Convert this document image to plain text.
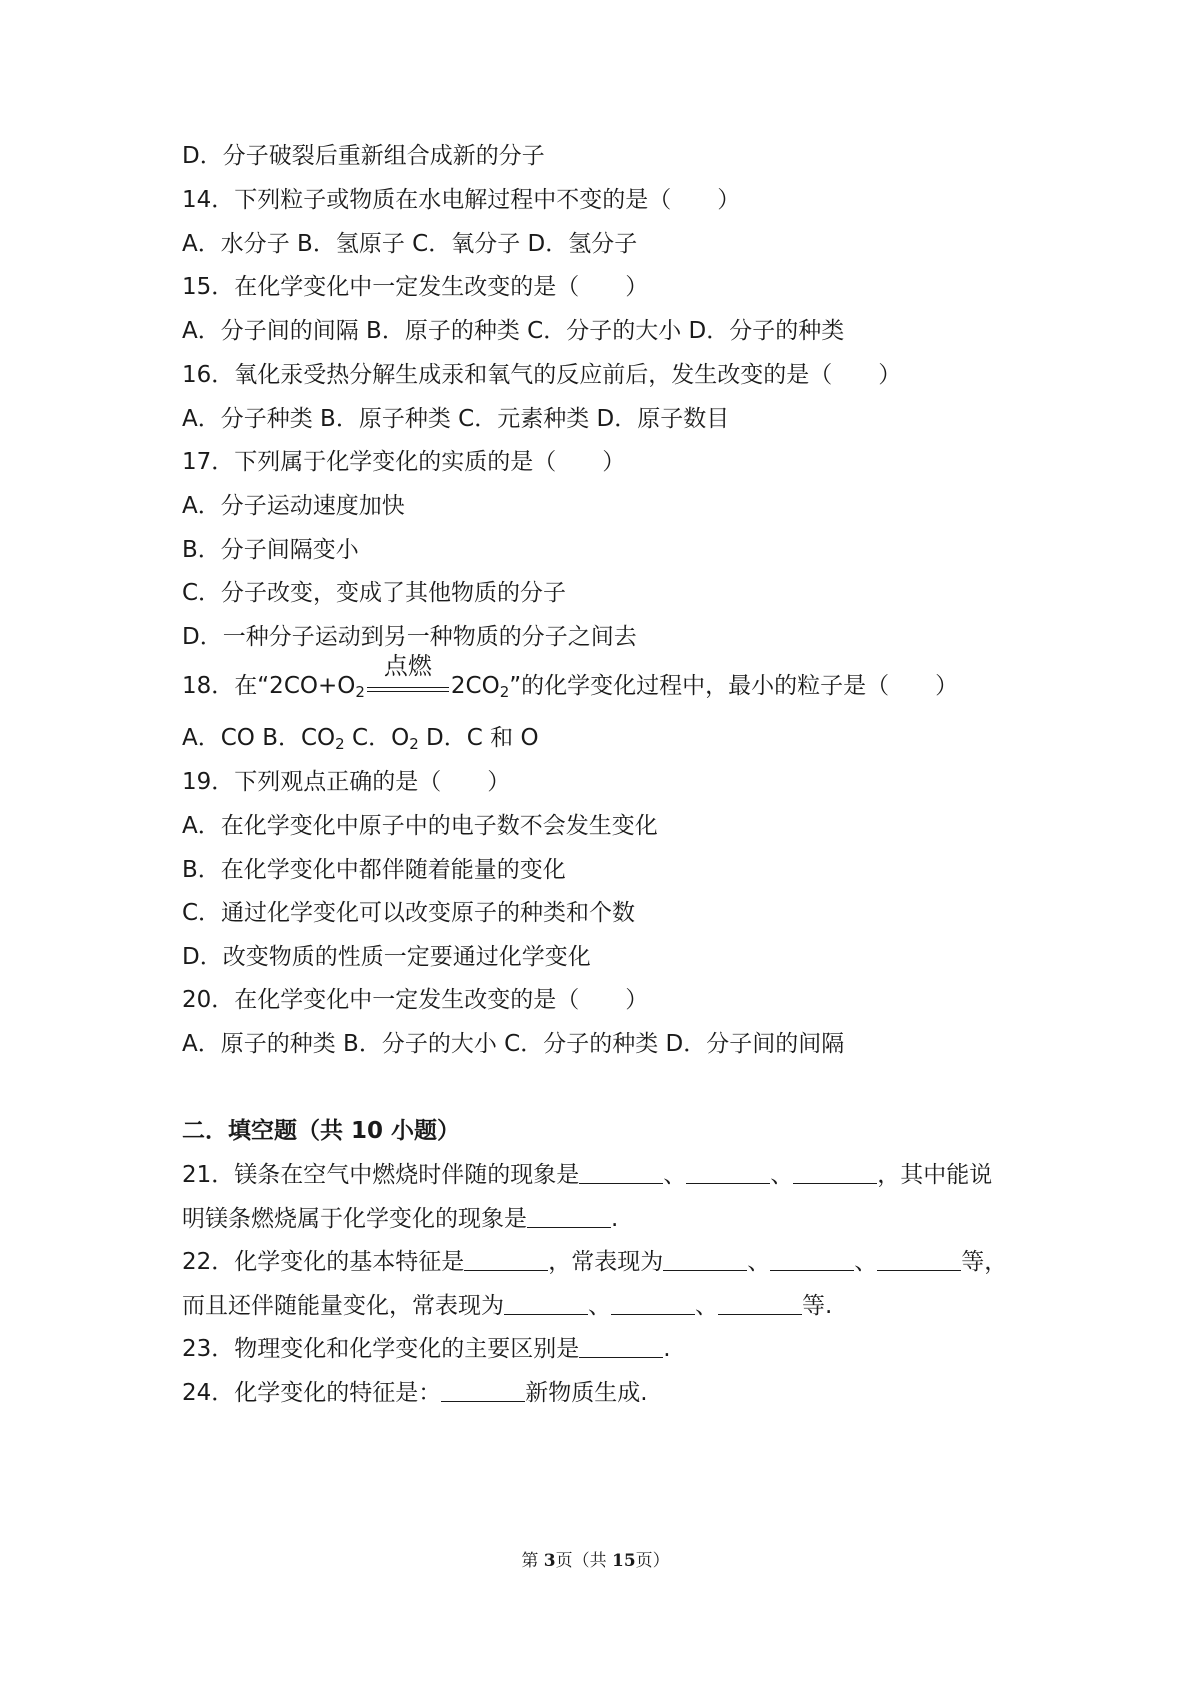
D．分子破裂后重新组合成新的分子
14．下列粒子或物质在水电解过程中不变的是（　　）
A．水分子 B．氢原子 C．氧分子 D．氢分子
15．在化学变化中一定发生改变的是（　　）
A．分子间的间隔 B．原子的种类 C．分子的大小 D．分子的种类
16．氧化汞受热分解生成汞和氧气的反应前后，发生改变的是（　　）
A．分子种类 B．原子种类 C．元素种类 D．原子数目
17．下列属于化学变化的实质的是（　　）
A．分子运动速度加快
B．分子间隔变小
C．分子改变，变成了其他物质的分子
D．一种分子运动到另一种物质的分子之间去
18．在“$2CO+O_2$
点燃
$2CO_2$”的化学变化过程中，最小的粒子是（　　）
A．CO B．$CO_2$ C．$O_2$ D．C 和 O
19．下列观点正确的是（　　）
A．在化学变化中原子中的电子数不会发生变化
B．在化学变化中都伴随着能量的变化
C．通过化学变化可以改变原子的种类和个数
D．改变物质的性质一定要通过化学变化
20．在化学变化中一定发生改变的是（　　）
A．原子的种类 B．分子的大小 C．分子的种类 D．分子间的间隔
二．填空题（共 10 小题）
21．镁条在空气中燃烧时伴随的现象是	、	、	，其中能说
明镁条燃烧属于化学变化的现象是	.
22．化学变化的基本特征是	，常表现为	、	、	等，
而且还伴随能量变化，常表现为	、	、	等.
23．物理变化和化学变化的主要区别是	.
24．化学变化的特征是：	新物质生成.
第 3页（共 15页）
